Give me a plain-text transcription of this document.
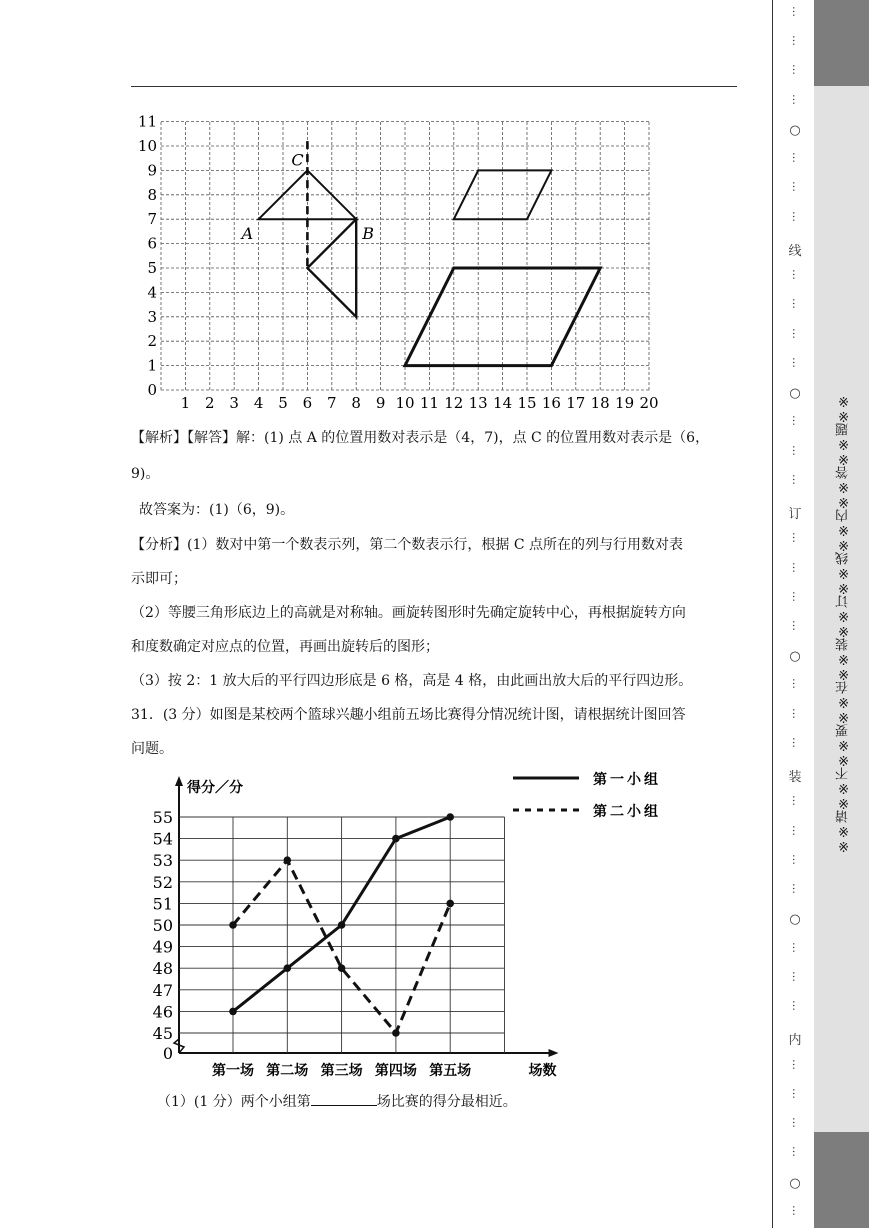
1 2 3 4 5 6 7 8 9 10 11 12 13 14 15 16 17 18 19 20
0
1
2
3
4
5
6
7
8
9
10
11
A	B
C

【解析】【解答】解：(1) 点 A 的位置用数对表示是（4，7)，点 C 的位置用数对表示是（6，

9)。

故答案为：(1)（6，9)。

【分析】(1）数对中第一个数表示列，第二个数表示行，根据 C 点所在的列与行用数对表

示即可；

（2）等腰三角形底边上的高就是对称轴。画旋转图形时先确定旋转中心，再根据旋转方向

和度数确定对应点的位置，再画出旋转后的图形；

（3）按 2：1 放大后的平行四边形底是 6 格，高是 4 格，由此画出放大后的平行四边形。

31．(3 分）如图是某校两个篮球兴趣小组前五场比赛得分情况统计图，请根据统计图回答

问题。

0
45
46
47
48
49
50
51
52
53
54
55
第一场 第二场 第三场 第四场 第五场
得分／分
场数
第一小组
第二小组

（1）(1 分）两个小组第	场比赛的得分最相近。

…
…
…
…
○
…
…
…
线
…
…
…
…
○
…
…
…
订
…
…
…
…
○
…
…
…
装
…
…
…
…
○
…
…
…
内
…
…
…
…
○
…
※※请※※不※※要※※在※※装※※订※※线※※内※※答※※题※※
